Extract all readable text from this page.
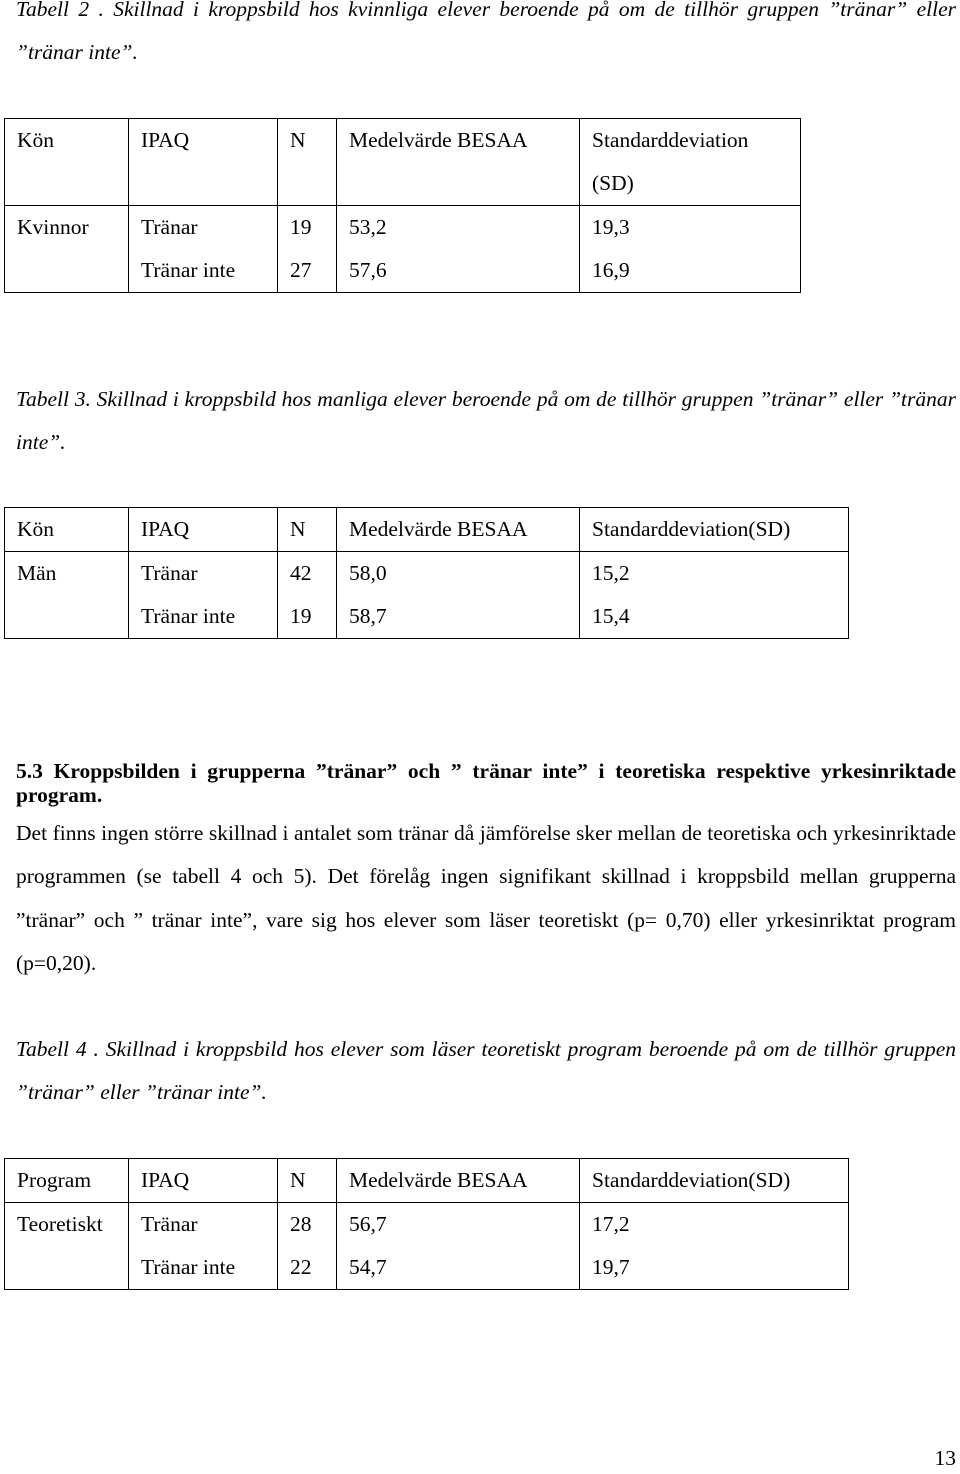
Tabell 2 . Skillnad i kroppsbild hos kvinnliga elever beroende på om de tillhör gruppen ”tränar” eller ”tränar inte”.

Kön	IPAQ	N	Medelvärde BESAA	Standarddeviation
				(SD)
Kvinnor	Tränar	19	53,2	19,3
	Tränar inte	27	57,6	16,9

Tabell 3. Skillnad i kroppsbild hos manliga elever beroende på om de tillhör gruppen ”tränar” eller ”tränar inte”.

Kön	IPAQ	N	Medelvärde BESAA	Standarddeviation(SD)
Män	Tränar	42	58,0	15,2
	Tränar inte	19	58,7	15,4

5.3 Kroppsbilden i grupperna ”tränar” och ” tränar inte” i teoretiska respektive yrkesinriktade program.

Det finns ingen större skillnad i antalet som tränar då jämförelse sker mellan de teoretiska och yrkesinriktade programmen (se tabell 4 och 5). Det förelåg ingen signifikant skillnad i kroppsbild mellan grupperna ”tränar” och ” tränar inte”, vare sig hos elever som läser teoretiskt (p= 0,70) eller yrkesinriktat program (p=0,20).

Tabell 4 . Skillnad i kroppsbild hos elever som läser teoretiskt program beroende på om de tillhör gruppen ”tränar” eller ”tränar inte”.

Program	IPAQ	N	Medelvärde BESAA	Standarddeviation(SD)
Teoretiskt	Tränar	28	56,7	17,2
	Tränar inte	22	54,7	19,7
13
